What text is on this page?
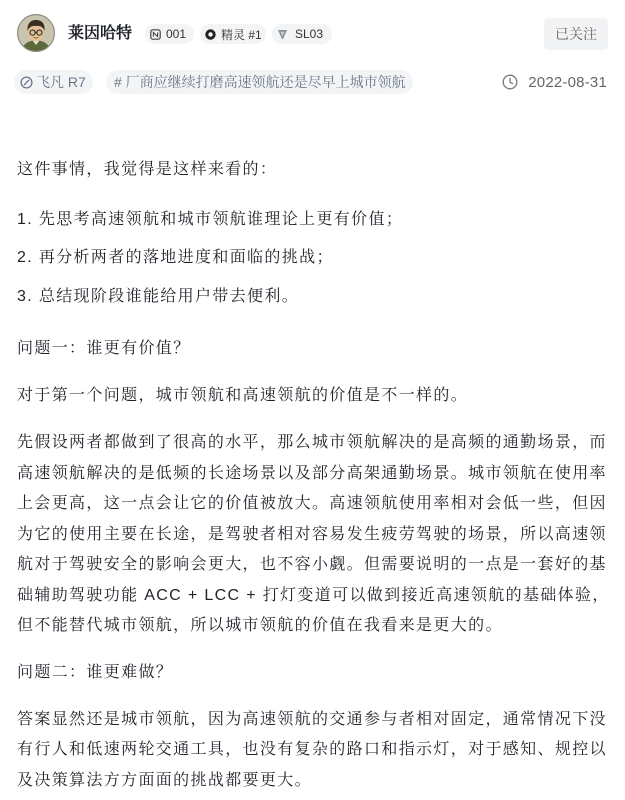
莱因哈特	001	精灵 #1	SL03	已关注
飞凡 R7 # 厂商应继续打磨高速领航还是尽早上城市领航	2022-08-31

这件事情，我觉得是这样来看的：

1. 先思考高速领航和城市领航谁理论上更有价值；

2. 再分析两者的落地进度和面临的挑战；

3. 总结现阶段谁能给用户带去便利。

问题一：谁更有价值？

对于第一个问题，城市领航和高速领航的价值是不一样的。

先假设两者都做到了很高的水平，那么城市领航解决的是高频的通勤场景，而高速领航解决的是低频的长途场景以及部分高架通勤场景。城市领航在使用率上会更高，这一点会让它的价值被放大。高速领航使用率相对会低一些，但因为它的使用主要在长途，是驾驶者相对容易发生疲劳驾驶的场景，所以高速领航对于驾驶安全的影响会更大，也不容小觑。但需要说明的一点是一套好的基础辅助驾驶功能 ACC + LCC + 打灯变道可以做到接近高速领航的基础体验，但不能替代城市领航，所以城市领航的价值在我看来是更大的。

问题二：谁更难做？

答案显然还是城市领航，因为高速领航的交通参与者相对固定，通常情况下没有行人和低速两轮交通工具，也没有复杂的路口和指示灯，对于感知、规控以及决策算法方方面面的挑战都要更大。
